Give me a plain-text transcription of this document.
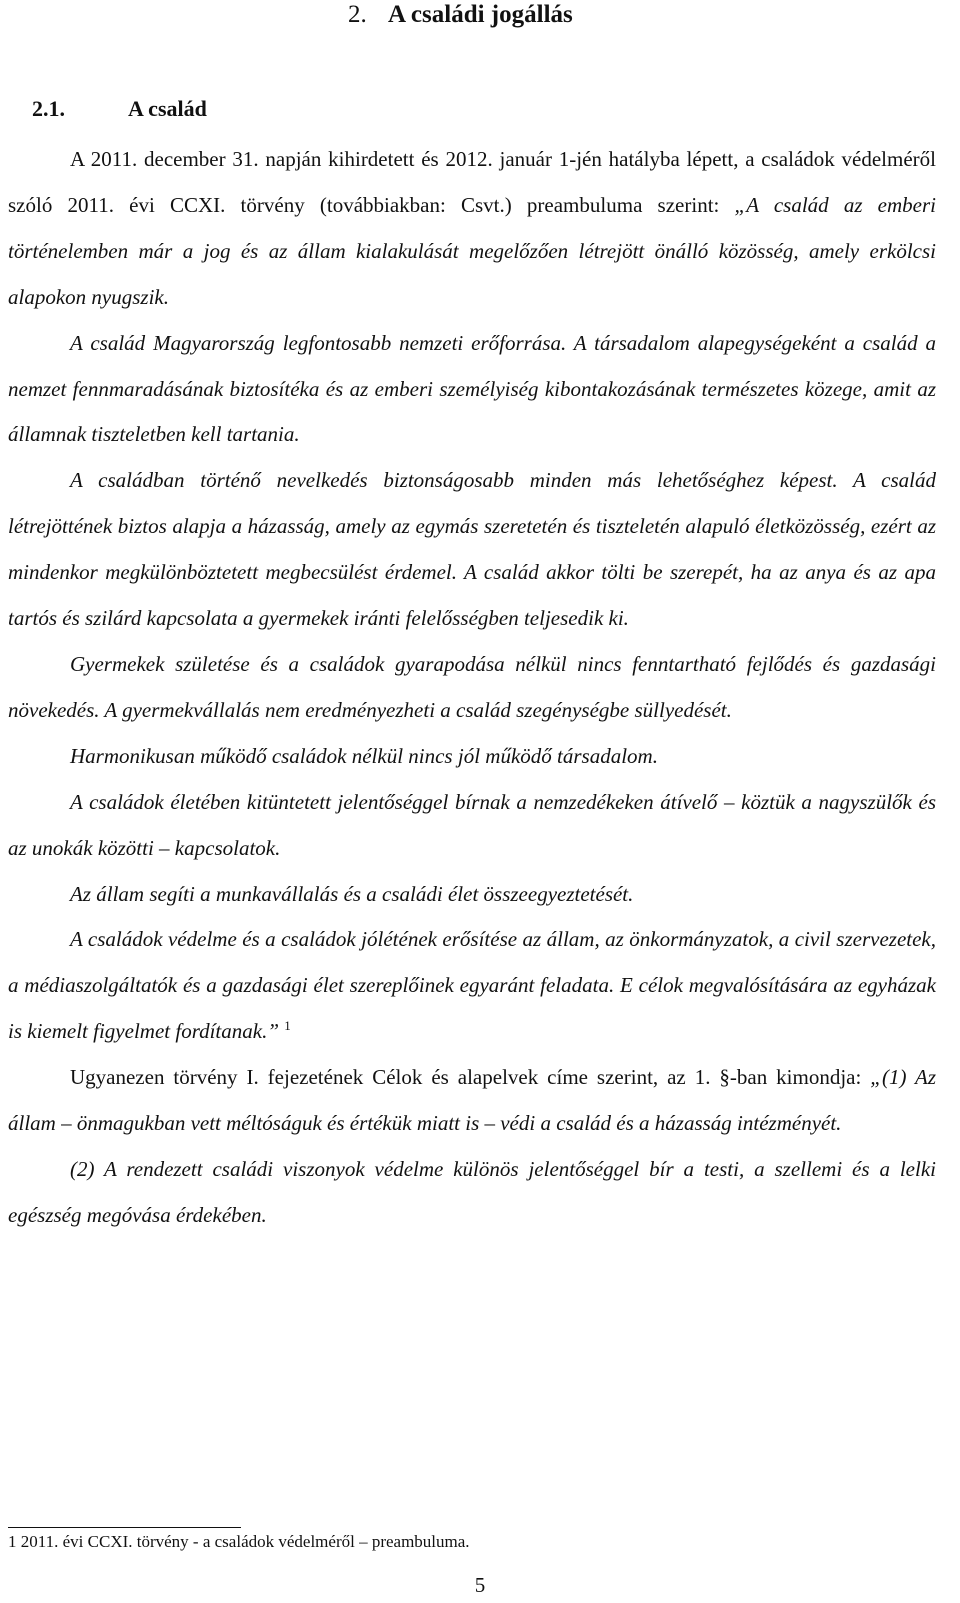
2. A családi jogállás
2.1.	A család

A 2011. december 31. napján kihirdetett és 2012. január 1-jén hatályba lépett, a családok védelméről szóló 2011. évi CCXI. törvény (továbbiakban: Csvt.) preambuluma szerint: „A család az emberi történelemben már a jog és az állam kialakulását megelőzően létrejött önálló közösség, amely erkölcsi alapokon nyugszik.

A család Magyarország legfontosabb nemzeti erőforrása. A társadalom alapegységeként a család a nemzet fennmaradásának biztosítéka és az emberi személyiség kibontakozásának természetes közege, amit az államnak tiszteletben kell tartania.

A családban történő nevelkedés biztonságosabb minden más lehetőséghez képest. A család létrejöttének biztos alapja a házasság, amely az egymás szeretetén és tiszteletén alapuló életközösség, ezért az mindenkor megkülönböztetett megbecsülést érdemel. A család akkor tölti be szerepét, ha az anya és az apa tartós és szilárd kapcsolata a gyermekek iránti felelősségben teljesedik ki.

Gyermekek születése és a családok gyarapodása nélkül nincs fenntartható fejlődés és gazdasági növekedés. A gyermekvállalás nem eredményezheti a család szegénységbe süllyedését.

Harmonikusan működő családok nélkül nincs jól működő társadalom.

A családok életében kitüntetett jelentőséggel bírnak a nemzedékeken átívelő – köztük a nagyszülők és az unokák közötti – kapcsolatok.

Az állam segíti a munkavállalás és a családi élet összeegyeztetését.

A családok védelme és a családok jólétének erősítése az állam, az önkormányzatok, a civil szervezetek, a médiaszolgáltatók és a gazdasági élet szereplőinek egyaránt feladata. E célok megvalósítására az egyházak is kiemelt figyelmet fordítanak.” $^1$

Ugyanezen törvény I. fejezetének Célok és alapelvek címe szerint, az 1. §-ban kimondja: „(1) Az állam – önmagukban vett méltóságuk és értékük miatt is – védi a család és a házasság intézményét.

(2) A rendezett családi viszonyok védelme különös jelentőséggel bír a testi, a szellemi és a lelki egészség megóvása érdekében.

1 2011. évi CCXI. törvény - a családok védelméről – preambuluma.
5
